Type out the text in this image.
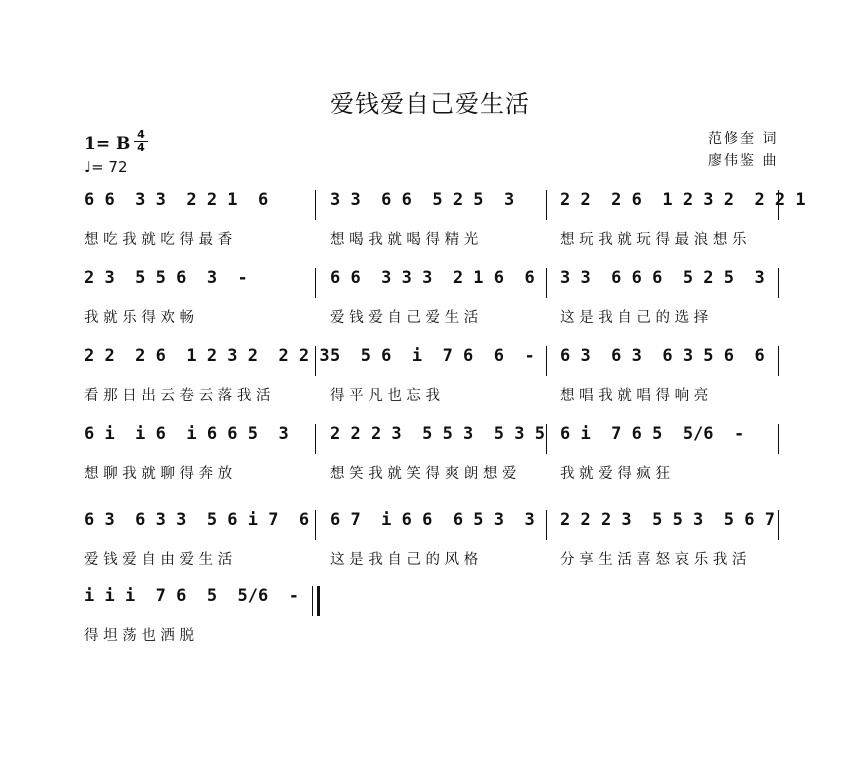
爱钱爱自己爱生活
1= B 4
4
♩= 72
范修奎 词
廖伟鉴 曲
6 6  3 3  2 2 1  6
想 吃 我 就 吃 得 最 香
3 3  6 6  5 2 5  3
想 喝 我 就 喝 得 精 光
2 2  2 6  1 2 3 2  2 2 1
想 玩 我 就 玩 得 最 浪 想 乐
2 3  5 5 6  3  -
我 就 乐 得 欢 畅
6 6  3 3 3  2 1 6  6
爱 钱 爱 自 己 爱 生 活
3 3  6 6 6  5 2 5  3
这 是 我 自 己 的 选 择
2 2  2 6  1 2 3 2  2 2 3
看 那 日 出 云 卷 云 落 我 活
5  5 6  i  7 6  6  -
得 平 凡 也 忘 我
6 3  6 3  6 3 5 6  6
想 唱 我 就 唱 得 响 亮
6 i  i 6  i 6 6 5  3
想 聊 我 就 聊 得 奔 放
2 2 2 3  5 5 3  5 3 5
想 笑 我 就 笑 得 爽 朗 想 爱
6 i  7 6 5  5/6  -
我 就 爱 得 疯 狂
6 3  6 3 3  5 6 i 7  6
爱 钱 爱 自 由 爱 生 活
6 7  i 6 6  6 5 3  3
这 是 我 自 己 的 风 格
2 2 2 3  5 5 3  5 6 7
分 享 生 活 喜 怒 哀 乐 我 活
i i i  7 6  5  5/6  -
得 坦 荡 也 洒 脱
